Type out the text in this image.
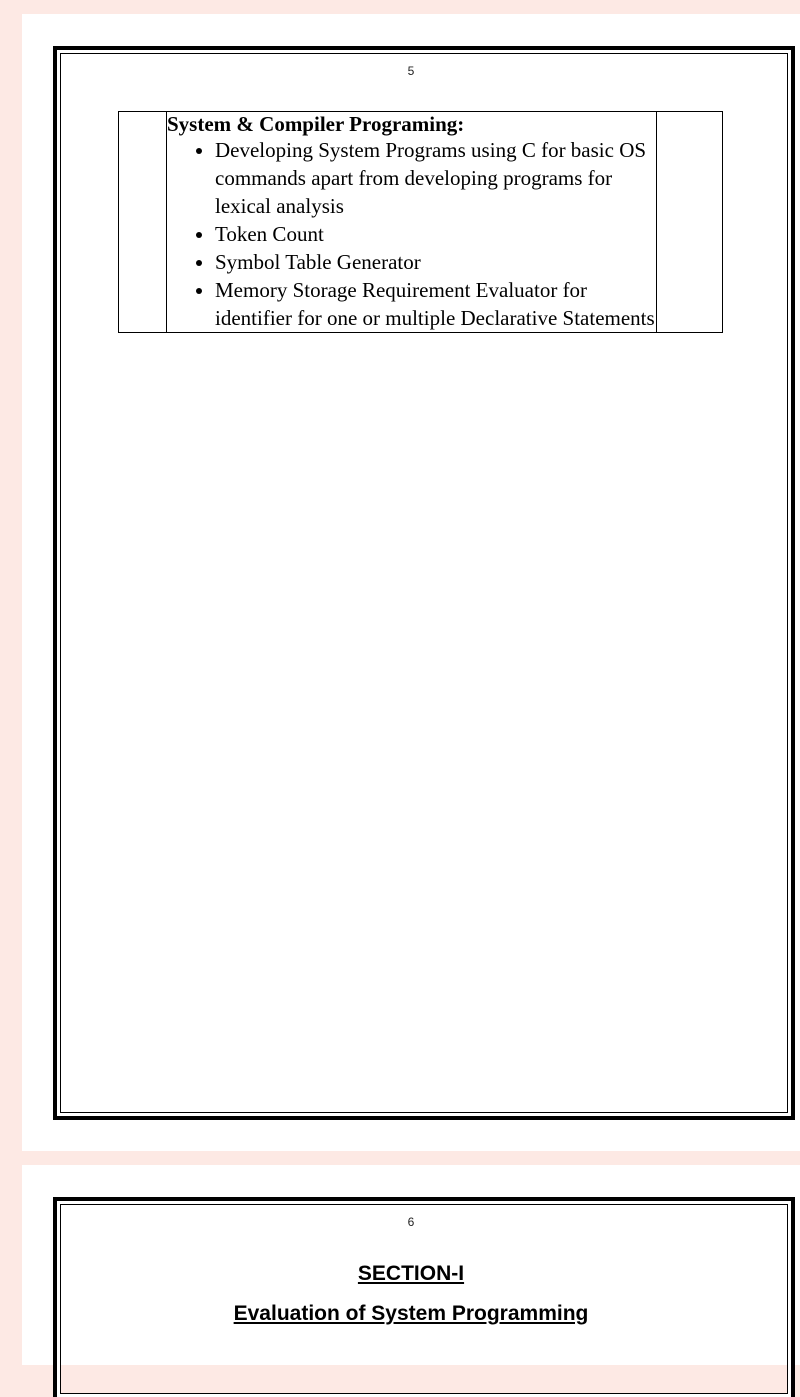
5

System & Compiler Programing:

• Developing System Programs using C for basic OS commands apart from developing programs for lexical analysis
• Token Count
• Symbol Table Generator
• Memory Storage Requirement Evaluator for identifier for one or multiple Declarative Statements

6
SECTION-I
Evaluation of System Programming
